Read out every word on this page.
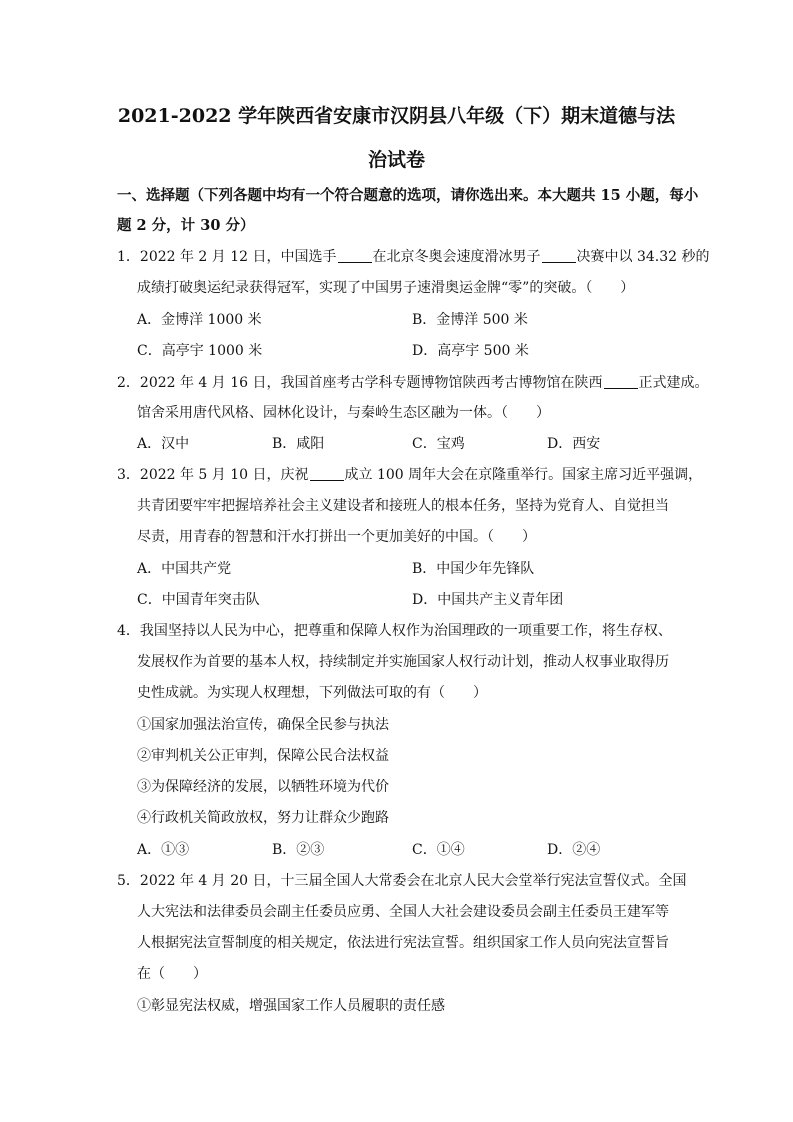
2021-2022 学年陕西省安康市汉阴县八年级（下）期末道德与法
治试卷
一、选择题（下列各题中均有一个符合题意的选项，请你选出来。本大题共 15 小题，每小
题 2 分，计 30 分）
1．2022 年 2 月 12 日，中国选手	在北京冬奥会速度滑冰男子	决赛中以 34.32 秒的
成绩打破奥运纪录获得冠军，实现了中国男子速滑奥运金牌“零”的突破。（　　）
A．金博洋 1000 米	B．金博洋 500 米
C．高亭宇 1000 米	D．高亭宇 500 米
2．2022 年 4 月 16 日，我国首座考古学科专题博物馆陕西考古博物馆在陕西	正式建成。
馆舍采用唐代风格、园林化设计，与秦岭生态区融为一体。（　　）
A．汉中	B．咸阳	C．宝鸡	D．西安
3．2022 年 5 月 10 日，庆祝	成立 100 周年大会在京隆重举行。国家主席习近平强调，
共青团要牢牢把握培养社会主义建设者和接班人的根本任务，坚持为党育人、自觉担当
尽责，用青春的智慧和汗水打拼出一个更加美好的中国。（　　）
A．中国共产党	B．中国少年先锋队
C．中国青年突击队	D．中国共产主义青年团
4．我国坚持以人民为中心，把尊重和保障人权作为治国理政的一项重要工作，将生存权、
发展权作为首要的基本人权，持续制定并实施国家人权行动计划，推动人权事业取得历
史性成就。为实现人权理想，下列做法可取的有（　　）
①国家加强法治宣传，确保全民参与执法
②审判机关公正审判，保障公民合法权益
③为保障经济的发展，以牺牲环境为代价
④行政机关简政放权，努力让群众少跑路
A．①③	B．②③	C．①④	D．②④
5．2022 年 4 月 20 日，十三届全国人大常委会在北京人民大会堂举行宪法宣誓仪式。全国
人大宪法和法律委员会副主任委员应勇、全国人大社会建设委员会副主任委员王建军等
人根据宪法宣誓制度的相关规定，依法进行宪法宣誓。组织国家工作人员向宪法宣誓旨
在（　　）
①彰显宪法权威，增强国家工作人员履职的责任感
